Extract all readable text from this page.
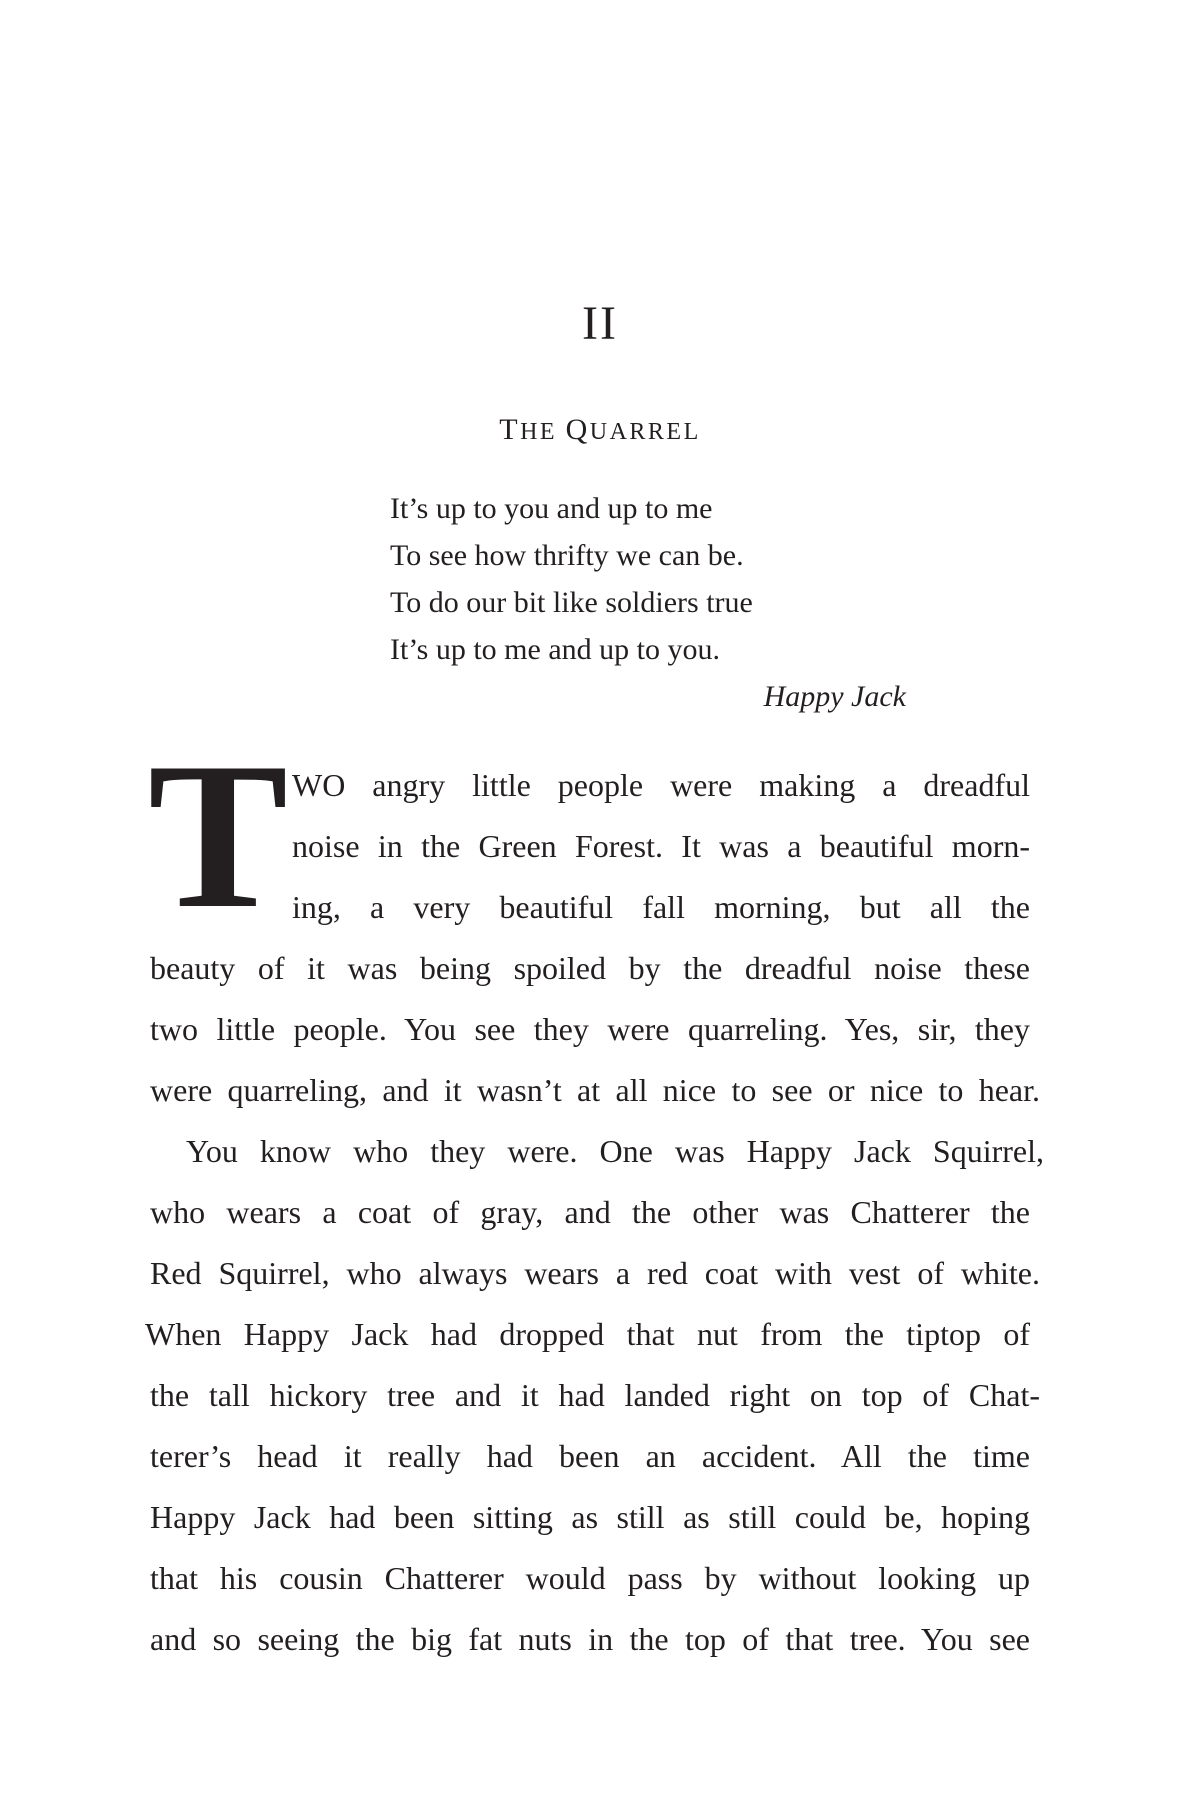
II
THE QUARREL
It’s up to you and up to me
To see how thrifty we can be.
To do our bit like soldiers true
It’s up to me and up to you.
Happy Jack
T WO angry little people were making a dreadful
noise in the Green Forest. It was a beautiful morn-
ing, a very beautiful fall morning, but all the
beauty of it was being spoiled by the dreadful noise these
two little people. You see they were quarreling. Yes, sir, they
were quarreling, and it wasn’t at all nice to see or nice to hear.
You know who they were. One was Happy Jack Squirrel,
who wears a coat of gray, and the other was Chatterer the
Red Squirrel, who always wears a red coat with vest of white.
When Happy Jack had dropped that nut from the tiptop of
the tall hickory tree and it had landed right on top of Chat-
terer’s head it really had been an accident. All the time
Happy Jack had been sitting as still as still could be, hoping
that his cousin Chatterer would pass by without looking up
and so seeing the big fat nuts in the top of that tree. You see
